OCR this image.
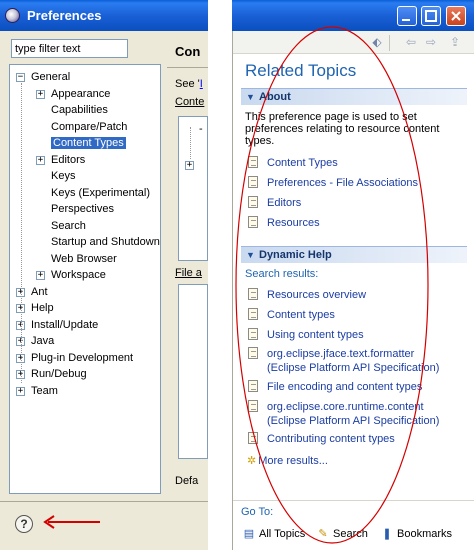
Preferences
type filter text
General
−
Appearance
+
Capabilities
Compare/Patch
Content Types
Editors
+
Keys
Keys (Experimental)
Perspectives
Search
Startup and Shutdown
Web Browser
Workspace
+
Ant
+
Help
+
Install/Update
+
Java
+
Plug-in Development
+
Run/Debug
+
Team
+
Con
See 'I
Conte
+
-
File a
Defa
?
⬖ ⇦ ⇨ ⇪
Related Topics
▼ About
This preference page is used to set preferences relating to resource content types.
Content Types
Preferences - File Associations
Editors
Resources
▼ Dynamic Help
Search results:
Resources overview
Content types
Using content types
org.eclipse.jface.text.formatter
(Eclipse Platform API Specification)
File encoding and content types
org.eclipse.core.runtime.content
(Eclipse Platform API Specification)
Contributing content types
✲ More results...
Go To:
▤ All Topics ✎ Search ❚ Bookmarks
